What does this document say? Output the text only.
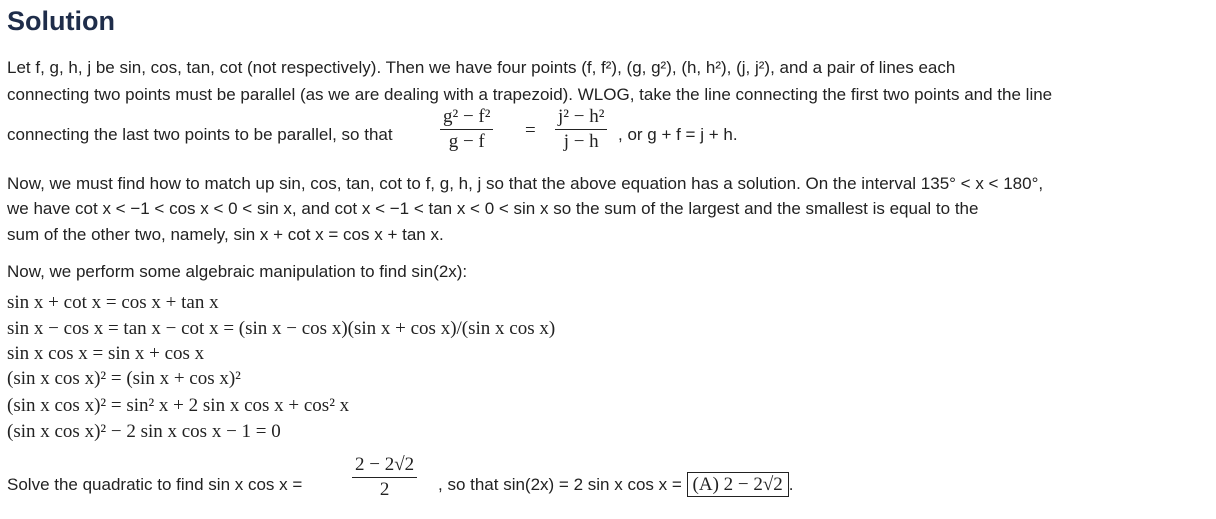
Solution
Let f, g, h, j be sin, cos, tan, cot (not respectively). Then we have four points (f, f²), (g, g²), (h, h²), (j, j²), and a pair of lines each
connecting two points must be parallel (as we are dealing with a trapezoid). WLOG, take the line connecting the first two points and the line
connecting the last two points to be parallel, so that
g² − f²
g − f
=
j² − h²
j − h	, or g + f = j + h.
Now, we must find how to match up sin, cos, tan, cot to f, g, h, j so that the above equation has a solution. On the interval 135° < x < 180°,
we have cot x < −1 < cos x < 0 < sin x, and cot x < −1 < tan x < 0 < sin x so the sum of the largest and the smallest is equal to the
sum of the other two, namely, sin x + cot x = cos x + tan x.
Now, we perform some algebraic manipulation to find sin(2x):
sin x + cot x = cos x + tan x
sin x − cos x = tan x − cot x = (sin x − cos x)(sin x + cos x)/(sin x cos x)
sin x cos x = sin x + cos x
(sin x cos x)² = (sin x + cos x)²
(sin x cos x)² = sin² x + 2 sin x cos x + cos² x
(sin x cos x)² − 2 sin x cos x − 1 = 0
Solve the quadratic to find sin x cos x =
2 − 2√2
2	, so that sin(2x) = 2 sin x cos x = (A) 2 − 2√2 .
